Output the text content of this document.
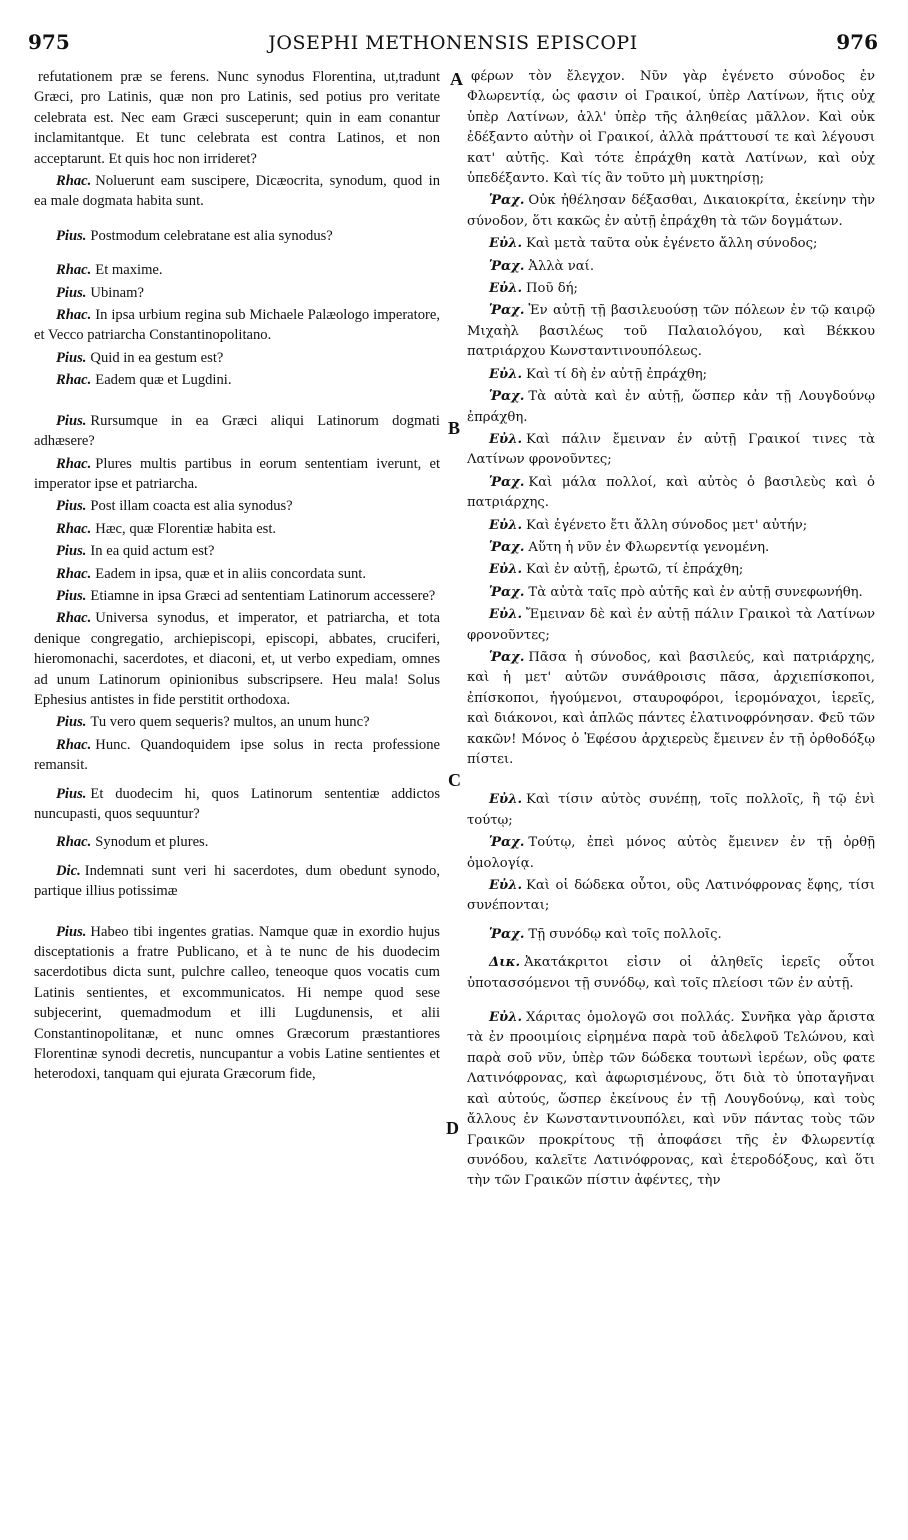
975	JOSEPHI METHONENSIS EPISCOPI	976
A
B
C
D

refutationem præ se ferens. Nunc synodus Florentina, ut,tradunt Græci, pro Latinis, quæ non pro Latinis, sed potius pro veritate celebrata est. Nec eam Græci susceperunt; quin in eam conantur inclamitantque. Et tunc celebrata est contra Latinos, et non acceptarunt. Et quis hoc non irrideret?

Rhac. Noluerunt eam suscipere, Dicæocrita, synodum, quod in ea male dogmata habita sunt.

Pius. Postmodum celebratane est alia synodus?

Rhac. Et maxime.

Pius. Ubinam?

Rhac. In ipsa urbium regina sub Michaele Palæologo imperatore, et Vecco patriarcha Constantinopolitano.

Pius. Quid in ea gestum est?

Rhac. Eadem quæ et Lugdini.

Pius. Rursumque in ea Græci aliqui Latinorum dogmati adhæsere?

Rhac. Plures multis partibus in eorum sententiam iverunt, et imperator ipse et patriarcha.

Pius. Post illam coacta est alia synodus?

Rhac. Hæc, quæ Florentiæ habita est.

Pius. In ea quid actum est?

Rhac. Eadem in ipsa, quæ et in aliis concordata sunt.

Pius. Etiamne in ipsa Græci ad sententiam Latinorum accessere?

Rhac. Universa synodus, et imperator, et patriarcha, et tota denique congregatio, archiepiscopi, episcopi, abbates, cruciferi, hieromonachi, sacerdotes, et diaconi, et, ut verbo expediam, omnes ad unum Latinorum opinionibus subscripsere. Heu mala! Solus Ephesius antistes in fide perstitit orthodoxa.

Pius. Tu vero quem sequeris? multos, an unum hunc?

Rhac. Hunc. Quandoquidem ipse solus in recta professione remansit.

Pius. Et duodecim hi, quos Latinorum sententiæ addictos nuncupasti, quos sequuntur?

Rhac. Synodum et plures.

Dic. Indemnati sunt veri hi sacerdotes, dum obedunt synodo, partique illius potissimæ

Pius. Habeo tibi ingentes gratias. Namque quæ in exordio hujus disceptationis a fratre Publicano, et à te nunc de his duodecim sacerdotibus dicta sunt, pulchre calleo, teneoque quos vocatis cum Latinis sentientes, et excommunicatos. Hi nempe quod sese subjecerint, quemadmodum et illi Lugdunensis, et alii Constantinopolitanæ, et nunc omnes Græcorum præstantiores Florentinæ synodi decretis, nuncupantur a vobis Latine sentientes et heterodoxi, tanquam qui ejurata Græcorum fide,

φέρων τὸν ἔλεγχον. Νῦν γὰρ ἐγένετο σύνοδος ἐν Φλωρεντίᾳ, ὡς φασιν οἱ Γραικοί, ὑπὲρ Λατίνων, ἥτις οὐχ ὑπὲρ Λατίνων, ἀλλ' ὑπὲρ τῆς ἀληθείας μᾶλλον. Καὶ οὐκ ἐδέξαντο αὐτὴν οἱ Γραικοί, ἀλλὰ πράττουσί τε καὶ λέγουσι κατ' αὐτῆς. Καὶ τότε ἐπράχθη κατὰ Λατίνων, καὶ οὐχ ὑπεδέξαντο. Καὶ τίς ἂν τοῦτο μὴ μυκτηρίσῃ;

Ῥαχ. Οὐκ ἠθέλησαν δέξασθαι, Δικαιοκρίτα, ἐκείνην τὴν σύνοδον, ὅτι κακῶς ἐν αὐτῇ ἐπράχθη τὰ τῶν δογμάτων.

Εὐλ. Καὶ μετὰ ταῦτα οὐκ ἐγένετο ἄλλη σύνοδος;

Ῥαχ. Ἀλλὰ ναί.

Εὐλ. Ποῦ δή;

Ῥαχ. Ἐν αὐτῇ τῇ βασιλευούσῃ τῶν πόλεων ἐν τῷ καιρῷ Μιχαὴλ βασιλέως τοῦ Παλαιολόγου, καὶ Βέκκου πατριάρχου Κωνσταντινουπόλεως.

Εὐλ. Καὶ τί δὴ ἐν αὐτῇ ἐπράχθη;

Ῥαχ. Τὰ αὐτὰ καὶ ἐν αὐτῇ, ὥσπερ κἀν τῇ Λουγδούνῳ ἐπράχθη.

Εὐλ. Καὶ πάλιν ἔμειναν ἐν αὐτῇ Γραικοί τινες τὰ Λατίνων φρονοῦντες;

Ῥαχ. Καὶ μάλα πολλοί, καὶ αὐτὸς ὁ βασιλεὺς καὶ ὁ πατριάρχης.

Εὐλ. Καὶ ἐγένετο ἔτι ἄλλη σύνοδος μετ' αὐτήν;

Ῥαχ. Αὕτη ἡ νῦν ἐν Φλωρεντίᾳ γενομένη.

Εὐλ. Καὶ ἐν αὐτῇ, ἐρωτῶ, τί ἐπράχθη;

Ῥαχ. Τὰ αὐτὰ ταῖς πρὸ αὐτῆς καὶ ἐν αὐτῇ συνεφωνήθη.

Εὐλ. Ἔμειναν δὲ καὶ ἐν αὐτῇ πάλιν Γραικοὶ τὰ Λατίνων φρονοῦντες;

Ῥαχ. Πᾶσα ἡ σύνοδος, καὶ βασιλεύς, καὶ πατριάρχης, καὶ ἡ μετ' αὐτῶν συνάθροισις πᾶσα, ἀρχιεπίσκοποι, ἐπίσκοποι, ἡγούμενοι, σταυροφόροι, ἱερομόναχοι, ἱερεῖς, καὶ διάκονοι, καὶ ἁπλῶς πάντες ἐλατινοφρόνησαν. Φεῦ τῶν κακῶν! Μόνος ὁ Ἐφέσου ἀρχιερεὺς ἔμεινεν ἐν τῇ ὀρθοδόξῳ πίστει.

Εὐλ. Καὶ τίσιν αὐτὸς συνέπῃ, τοῖς πολλοῖς, ἢ τῷ ἑνὶ τούτῳ;

Ῥαχ. Τούτῳ, ἐπεὶ μόνος αὐτὸς ἔμεινεν ἐν τῇ ὀρθῇ ὁμολογίᾳ.

Εὐλ. Καὶ οἱ δώδεκα οὗτοι, οὓς Λατινόφρονας ἔφης, τίσι συνέπονται;

Ῥαχ. Τῇ συνόδῳ καὶ τοῖς πολλοῖς.

Δικ. Ἀκατάκριτοι εἰσιν οἱ ἀληθεῖς ἱερεῖς οὗτοι ὑποτασσόμενοι τῇ συνόδῳ, καὶ τοῖς πλείοσι τῶν ἐν αὐτῇ.

Εὐλ. Χάριτας ὁμολογῶ σοι πολλάς. Συνῆκα γὰρ ἄριστα τὰ ἐν προοιμίοις εἰρημένα παρὰ τοῦ ἀδελφοῦ Τελώνου, καὶ παρὰ σοῦ νῦν, ὑπὲρ τῶν δώδεκα τουτωνὶ ἱερέων, οὓς φατε Λατινόφρονας, καὶ ἀφωρισμένους, ὅτι διὰ τὸ ὑποταγῆναι καὶ αὐτούς, ὥσπερ ἐκείνους ἐν τῇ Λουγδούνῳ, καὶ τοὺς ἄλλους ἐν Κωνσταντινουπόλει, καὶ νῦν πάντας τοὺς τῶν Γραικῶν προκρίτους τῇ ἀποφάσει τῆς ἐν Φλωρεντίᾳ συνόδου, καλεῖτε Λατινόφρονας, καὶ ἑτεροδόξους, καὶ ὅτι τὴν τῶν Γραικῶν πίστιν ἀφέντες, τὴν
